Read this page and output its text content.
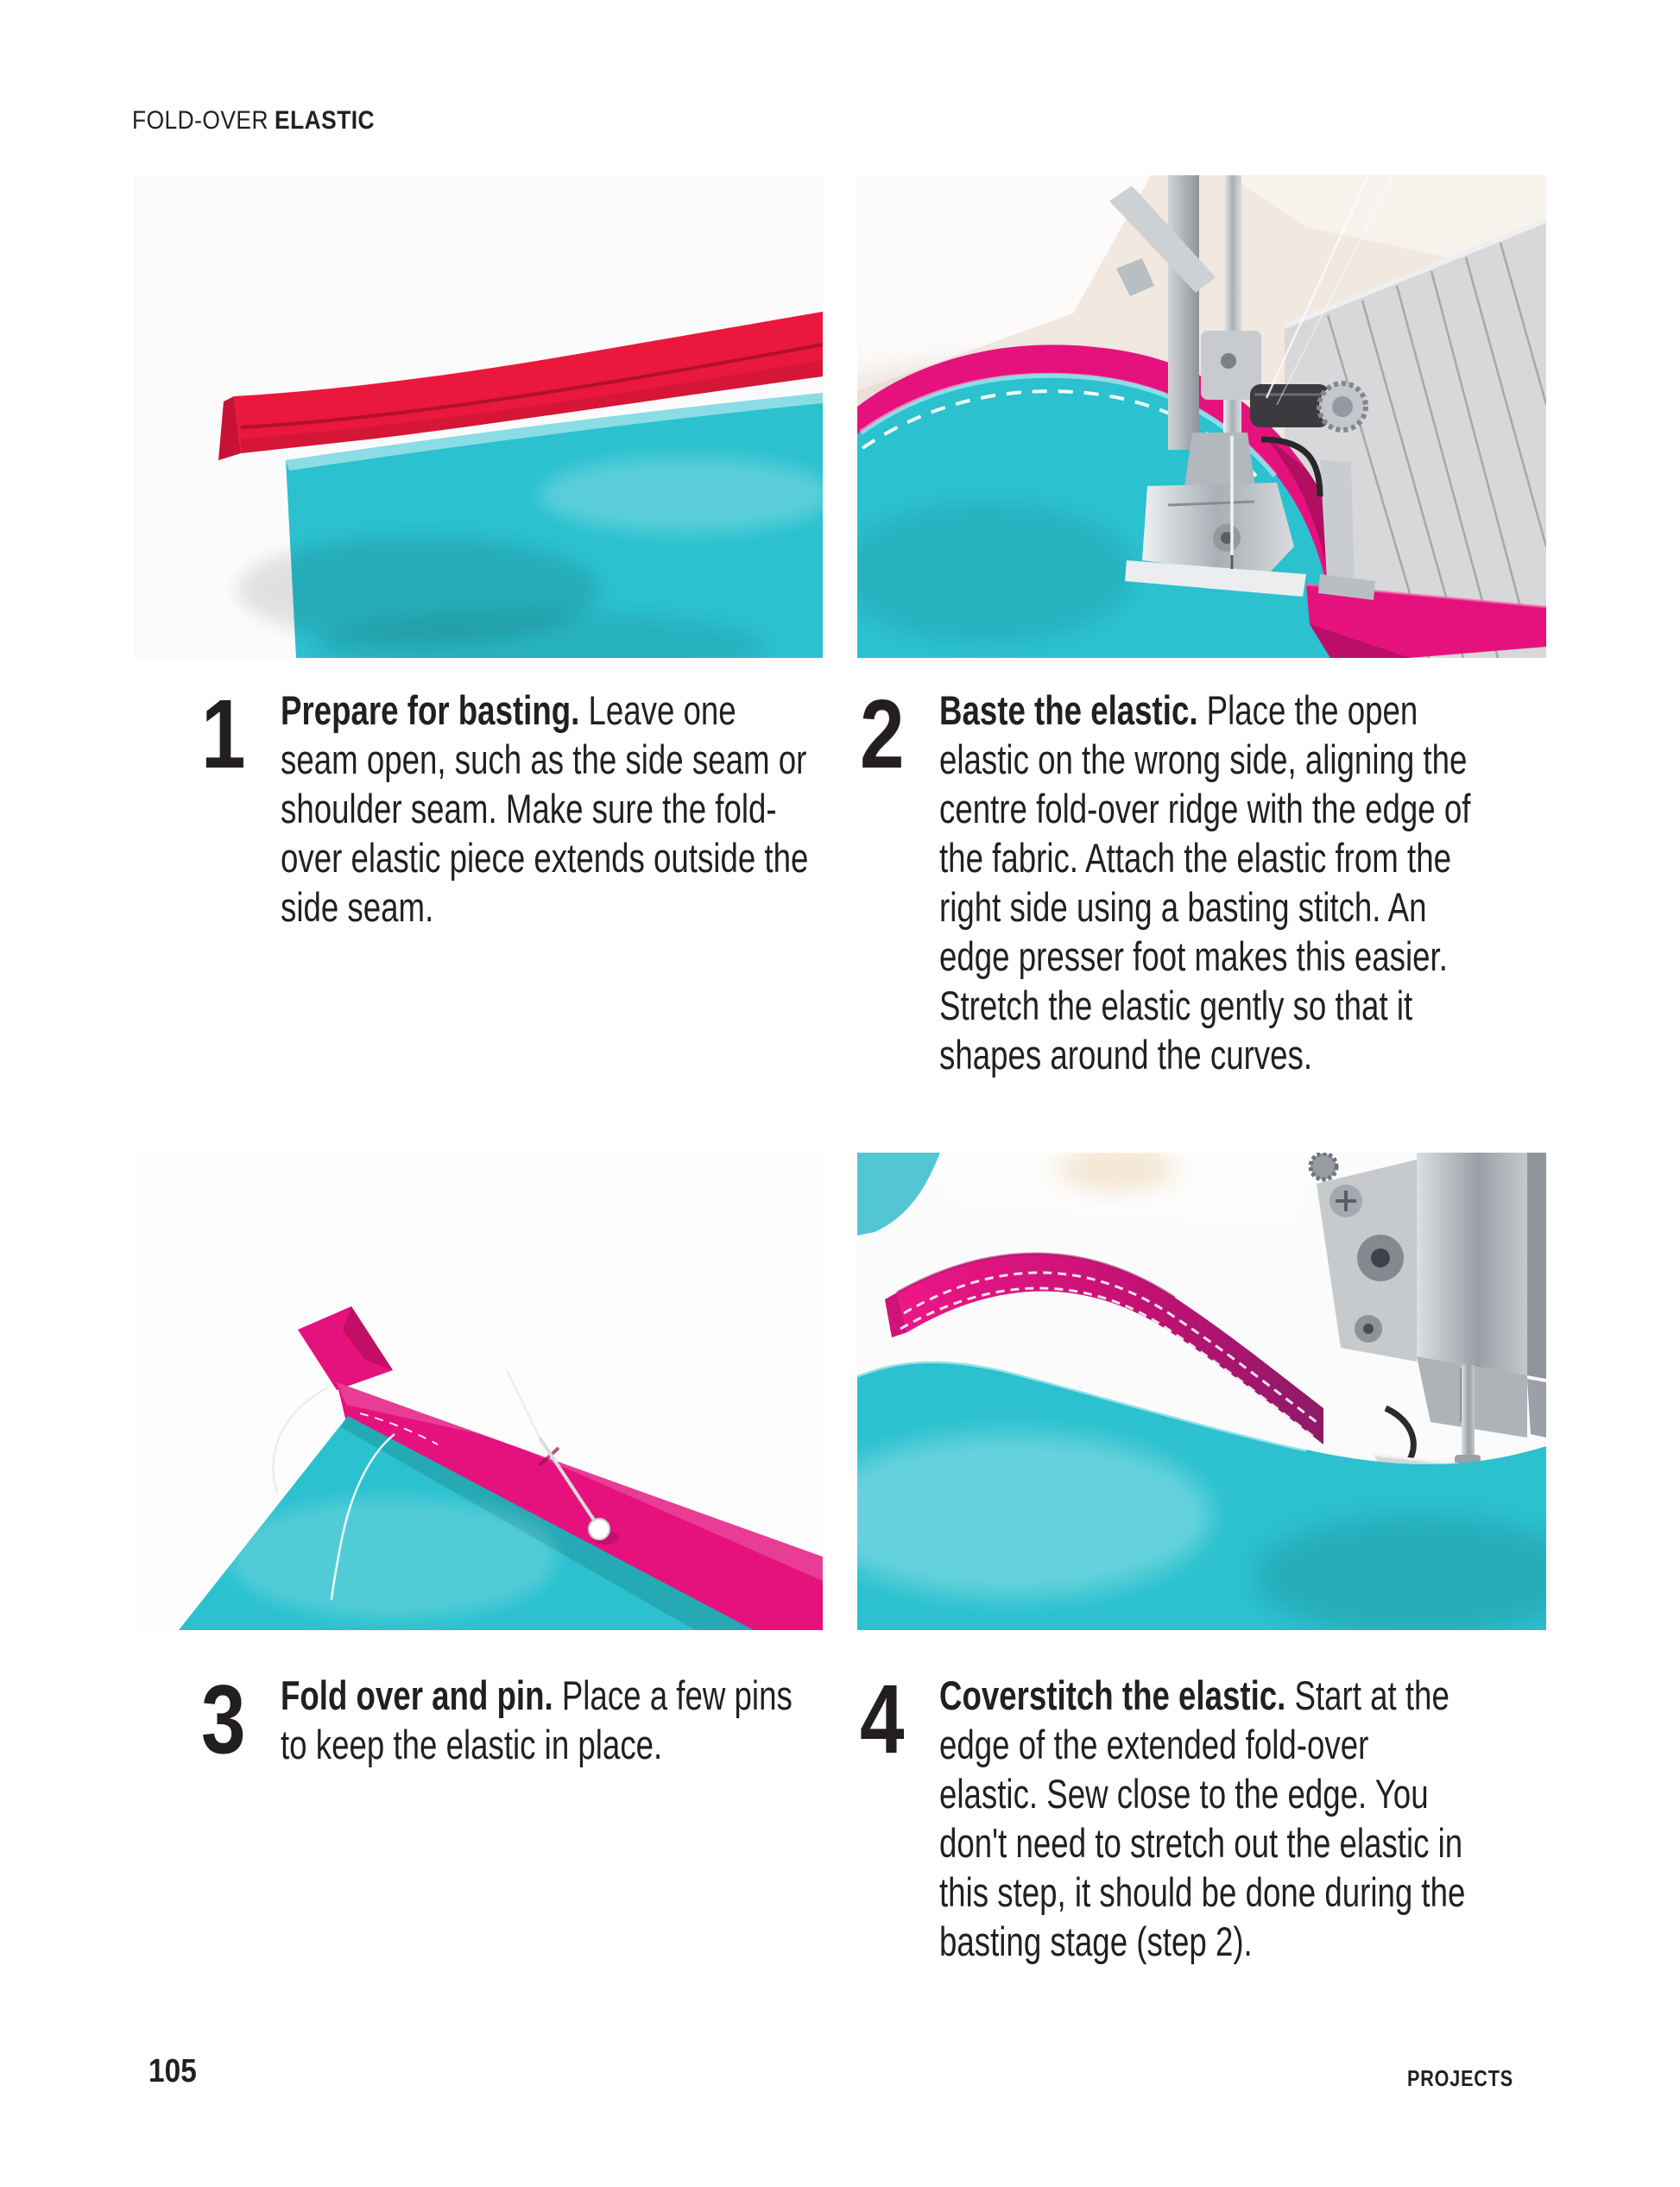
FOLD-OVER ELASTIC
1 Prepare for basting. Leave one seam open, such as the side seam or shoulder seam. Make sure the fold-over elastic piece extends outside the side seam.

2 Baste the elastic. Place the open elastic on the wrong side, aligning the centre fold-over ridge with the edge of the fabric. Attach the elastic from the right side using a basting stitch. An edge presser foot makes this easier. Stretch the elastic gently so that it shapes around the curves.

3 Fold over and pin. Place a few pins to keep the elastic in place.	4 Coverstitch the elastic. Start at the edge of the extended fold-over elastic. Sew close to the edge. You don't need to stretch out the elastic in this step, it should be done during the basting stage (step 2).

105	PROJECTS
